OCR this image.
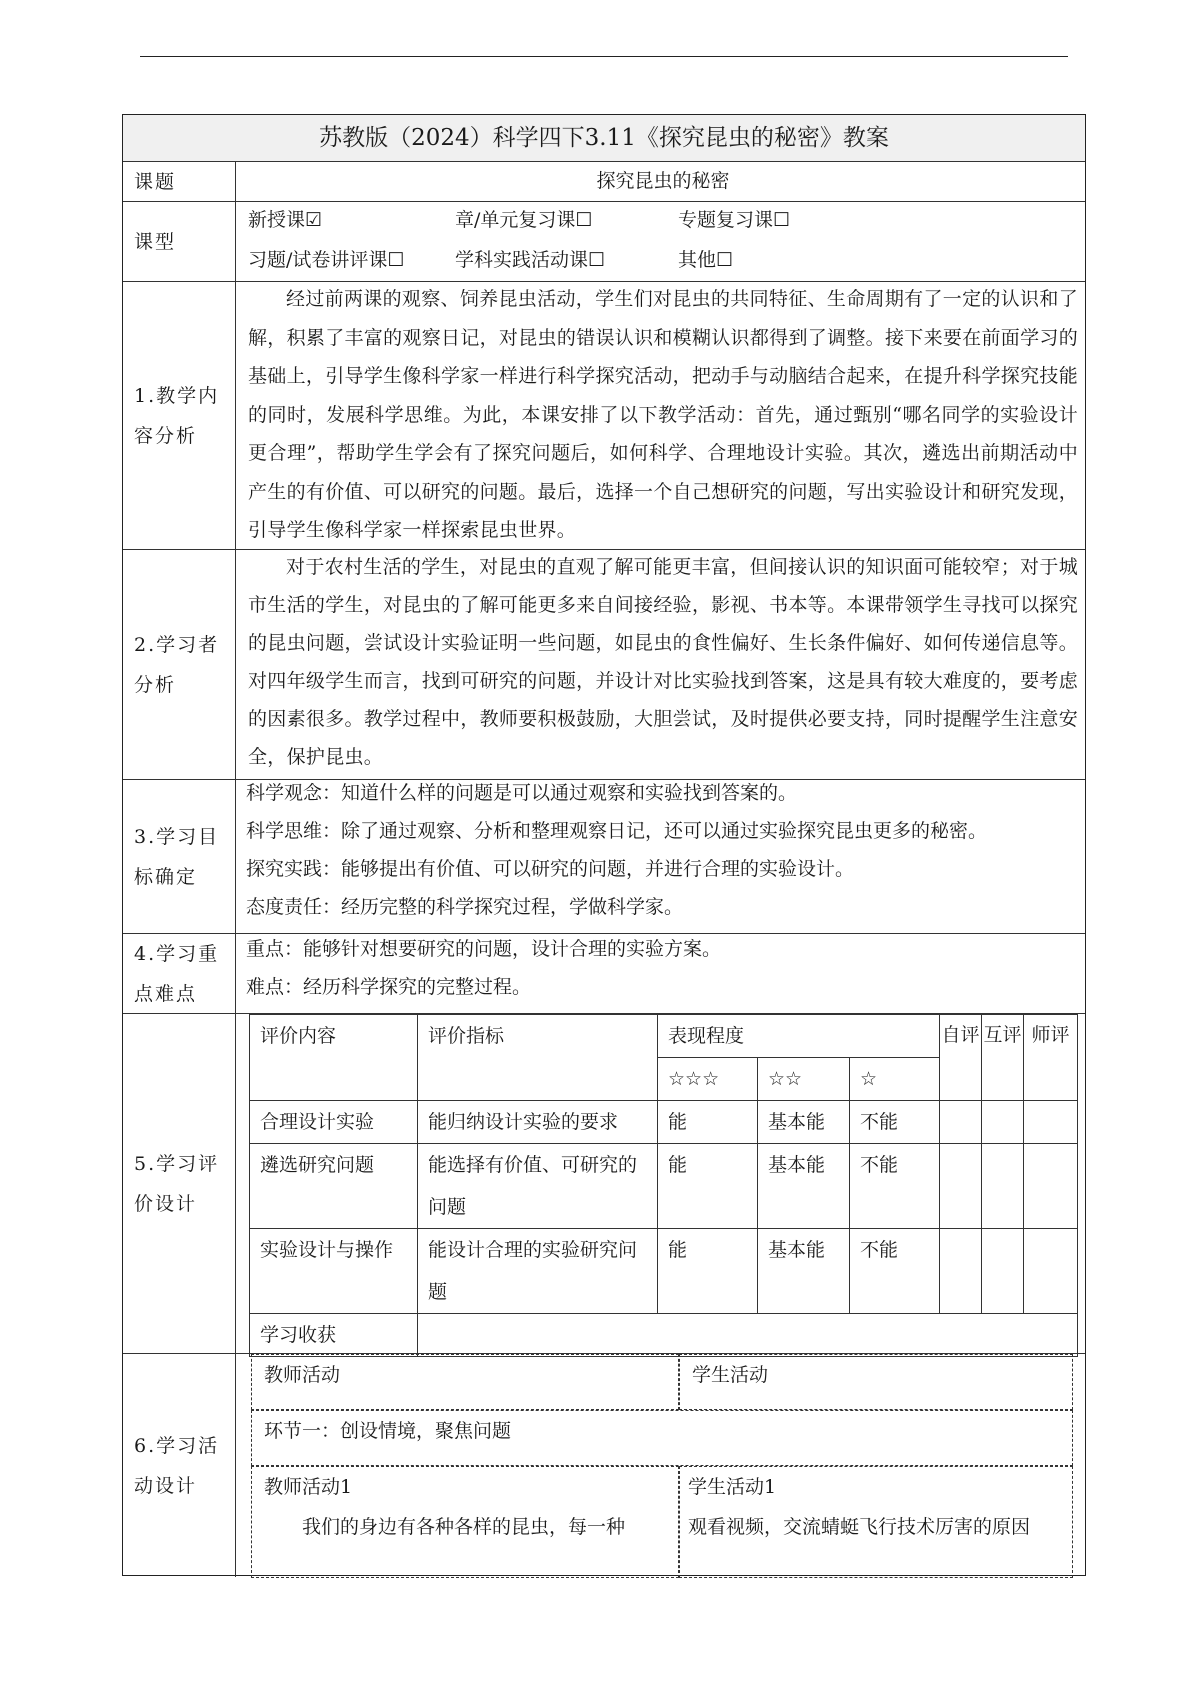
苏教版（2024）科学四下3.11《探究昆虫的秘密》教案
课题	探究昆虫的秘密
课型
新授课☑	章/单元复习课☐	专题复习课☐
习题/试卷讲评课☐	学科实践活动课☐	其他☐
1.教学内容分析

经过前两课的观察、饲养昆虫活动，学生们对昆虫的共同特征、生命周期有了一定的认识和了解，积累了丰富的观察日记，对昆虫的错误认识和模糊认识都得到了调整。接下来要在前面学习的基础上，引导学生像科学家一样进行科学探究活动，把动手与动脑结合起来，在提升科学探究技能的同时，发展科学思维。为此，本课安排了以下教学活动：首先，通过甄别“哪名同学的实验设计更合理”，帮助学生学会有了探究问题后，如何科学、合理地设计实验。其次，遴选出前期活动中产生的有价值、可以研究的问题。最后，选择一个自己想研究的问题，写出实验设计和研究发现，引导学生像科学家一样探索昆虫世界。

2.学习者分析

对于农村生活的学生，对昆虫的直观了解可能更丰富，但间接认识的知识面可能较窄；对于城市生活的学生，对昆虫的了解可能更多来自间接经验，影视、书本等。本课带领学生寻找可以探究的昆虫问题，尝试设计实验证明一些问题，如昆虫的食性偏好、生长条件偏好、如何传递信息等。对四年级学生而言，找到可研究的问题，并设计对比实验找到答案，这是具有较大难度的，要考虑的因素很多。教学过程中，教师要积极鼓励，大胆尝试，及时提供必要支持，同时提醒学生注意安全，保护昆虫。

3.学习目标确定

科学观念：知道什么样的问题是可以通过观察和实验找到答案的。

科学思维：除了通过观察、分析和整理观察日记，还可以通过实验探究昆虫更多的秘密。

探究实践：能够提出有价值、可以研究的问题，并进行合理的实验设计。

态度责任：经历完整的科学探究过程，学做科学家。

4.学习重点难点

重点：能够针对想要研究的问题，设计合理的实验方案。

难点：经历科学探究的完整过程。

5.学习评价设计
评价内容	评价指标	表现程度			自评	互评	师评
		☆☆☆	☆☆	☆			
合理设计实验	能归纳设计实验的要求	能	基本能	不能			
遴选研究问题	能选择有价值、可研究的问题	能	基本能	不能			
实验设计与操作	能设计合理的实验研究问题	能	基本能	不能			
学习收获							
6.学习活动设计
教师活动	学生活动
环节一：创设情境，聚焦问题
教师活动1
我们的身边有各种各样的昆虫，每一种
学生活动1
观看视频，交流蜻蜓飞行技术厉害的原因
